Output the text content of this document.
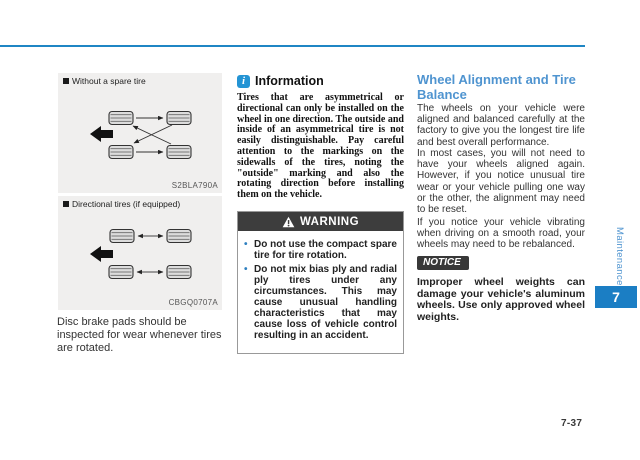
Without a spare tire
S2BLA790A
Directional tires (if equipped)
CBGQ0707A
Disc brake pads should be inspected for wear whenever tires are rotated.
i Information
Tires that are asymmetrical or directional can only be installed on the wheel in one direction. The outside and inside of an asymmetrical tire is not easily distinguishable. Pay careful attention to the markings on the sidewalls of the tires, noting the "outside" marking and also the rotating direction before installing them on the vehicle.
WARNING
• Do not use the compact spare tire for tire rotation.
• Do not mix bias ply and radial ply tires under any circumstances. This may cause unusual handling characteristics that may cause loss of vehicle control resulting in an accident.
Wheel Alignment and Tire Balance
The wheels on your vehicle were aligned and balanced carefully at the factory to give you the longest tire life and best overall performance.
In most cases, you will not need to have your wheels aligned again. However, if you notice unusual tire wear or your vehicle pulling one way or the other, the alignment may need to be reset.
If you notice your vehicle vibrating when driving on a smooth road, your wheels may need to be rebalanced.
NOTICE
Improper wheel weights can damage your vehicle's aluminum wheels. Use only approved wheel weights.
Maintenance
7
7-37
